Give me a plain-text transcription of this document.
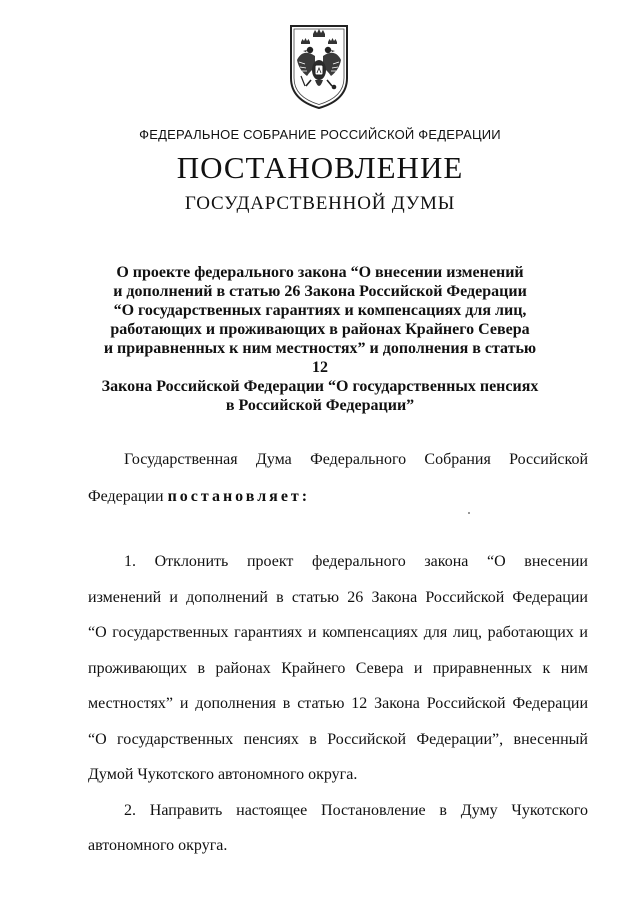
ФЕДЕРАЛЬНОЕ СОБРАНИЕ РОССИЙСКОЙ ФЕДЕРАЦИИ
ПОСТАНОВЛЕНИЕ
ГОСУДАРСТВЕННОЙ ДУМЫ
О проекте федерального закона “О внесении изменений
и дополнений в статью 26 Закона Российской Федерации
“О государственных гарантиях и компенсациях для лиц,
работающих и проживающих в районах Крайнего Севера
и приравненных к ним местностях” и дополнения в статью 12
Закона Российской Федерации “О государственных пенсиях
в Российской Федерации”
Государственная Дума Федерального Собрания Российской
Федерации постановляет:
1. Отклонить проект федерального закона “О внесении
изменений и дополнений в статью 26 Закона Российской Федерации
“О государственных гарантиях и компенсациях для лиц, работающих и
проживающих в районах Крайнего Севера и приравненных к ним
местностях” и дополнения в статью 12 Закона Российской Федерации
“О государственных пенсиях в Российской Федерации”, внесенный
Думой Чукотского автономного округа.
2. Направить настоящее Постановление в Думу Чукотского
автономного округа.
